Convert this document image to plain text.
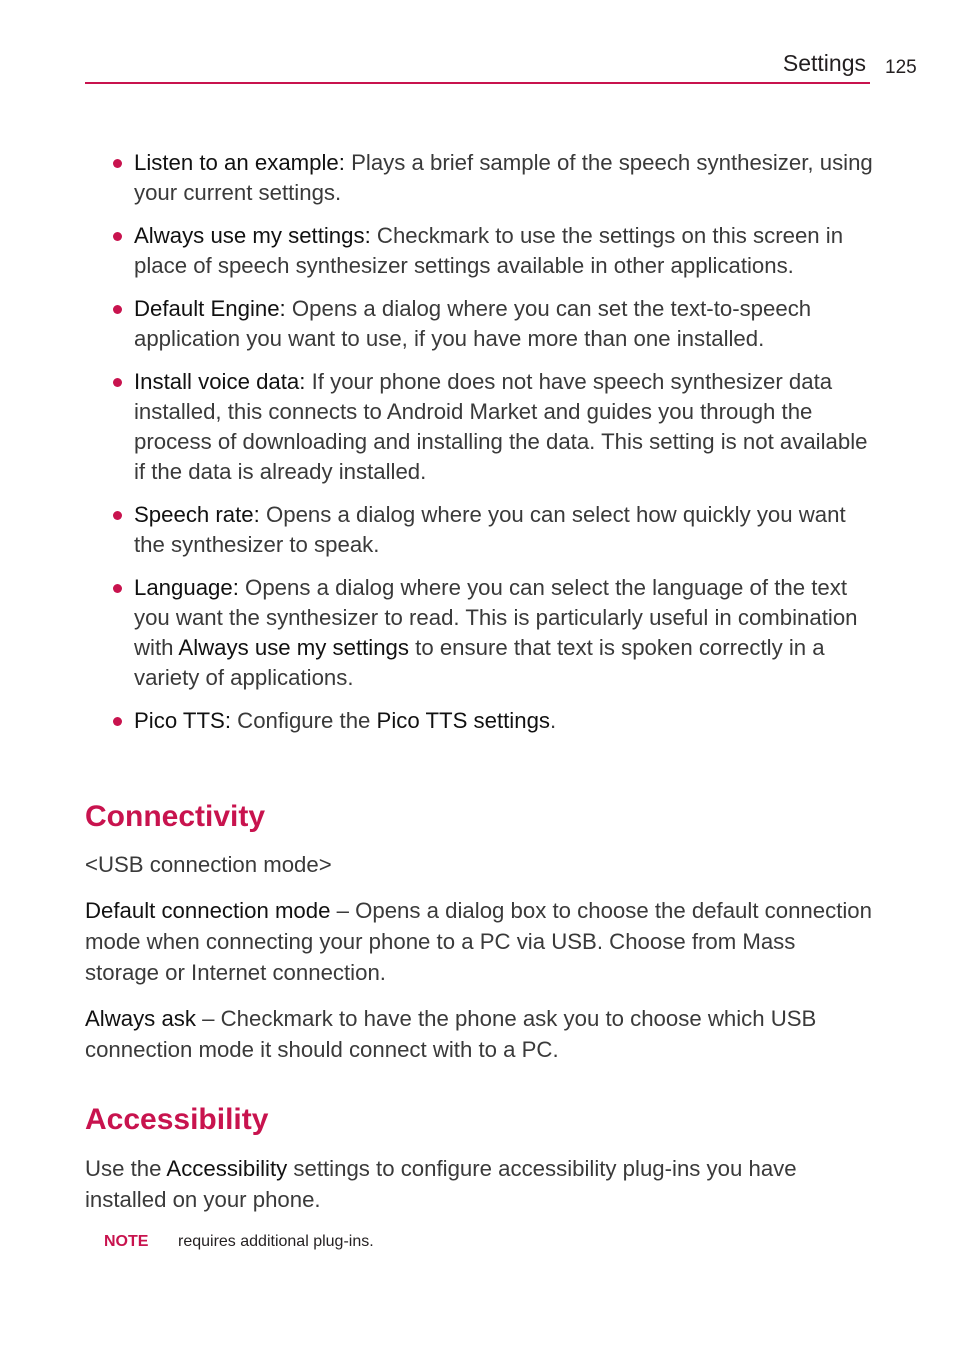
Settings 125
Listen to an example: Plays a brief sample of the speech synthesizer, using your current settings.
Always use my settings: Checkmark to use the settings on this screen in place of speech synthesizer settings available in other applications.
Default Engine: Opens a dialog where you can set the text-to-speech application you want to use, if you have more than one installed.
Install voice data: If your phone does not have speech synthesizer data installed, this connects to Android Market and guides you through the process of downloading and installing the data. This setting is not available if the data is already installed.
Speech rate: Opens a dialog where you can select how quickly you want the synthesizer to speak.
Language: Opens a dialog where you can select the language of the text you want the synthesizer to read. This is particularly useful in combination with Always use my settings to ensure that text is spoken correctly in a variety of applications.
Pico TTS: Configure the Pico TTS settings.
Connectivity

<USB connection mode>

Default connection mode – Opens a dialog box to choose the default connection mode when connecting your phone to a PC via USB. Choose from Mass storage or Internet connection.

Always ask – Checkmark to have the phone ask you to choose which USB connection mode it should connect with to a PC.

Accessibility

Use the Accessibility settings to configure accessibility plug-ins you have installed on your phone.

NOTE requires additional plug-ins.
